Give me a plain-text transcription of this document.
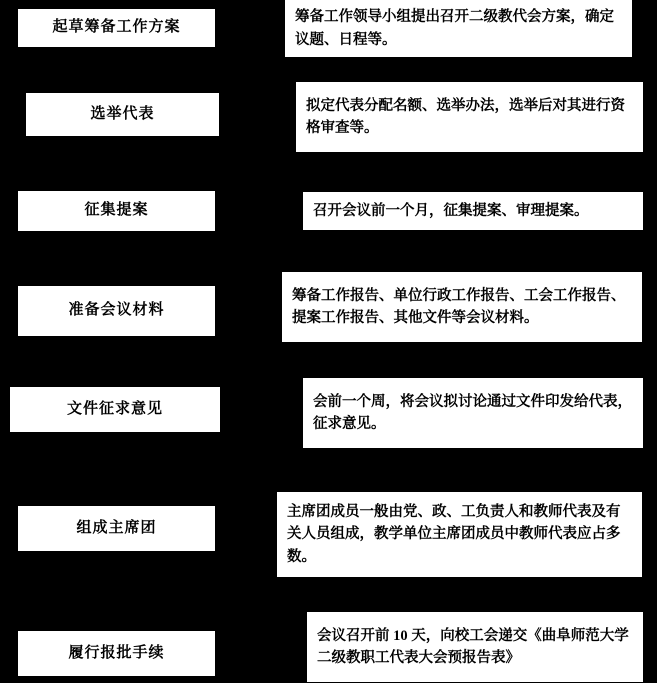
起草筹备工作方案
筹备工作领导小组提出召开二级教代会方案，确定议题、日程等。
选举代表
拟定代表分配名额、选举办法，选举后对其进行资格审查等。
征集提案	召开会议前一个月，征集提案、审理提案。
准备会议材料
筹备工作报告、单位行政工作报告、工会工作报告、提案工作报告、其他文件等会议材料。
文件征求意见	会前一个周，将会议拟讨论通过文件印发给代表，征求意见。
组成主席团
主席团成员一般由党、政、工负责人和教师代表及有关人员组成，教学单位主席团成员中教师代表应占多数。
履行报批手续
会议召开前 10 天，向校工会递交《曲阜师范大学二级教职工代表大会预报告表》
